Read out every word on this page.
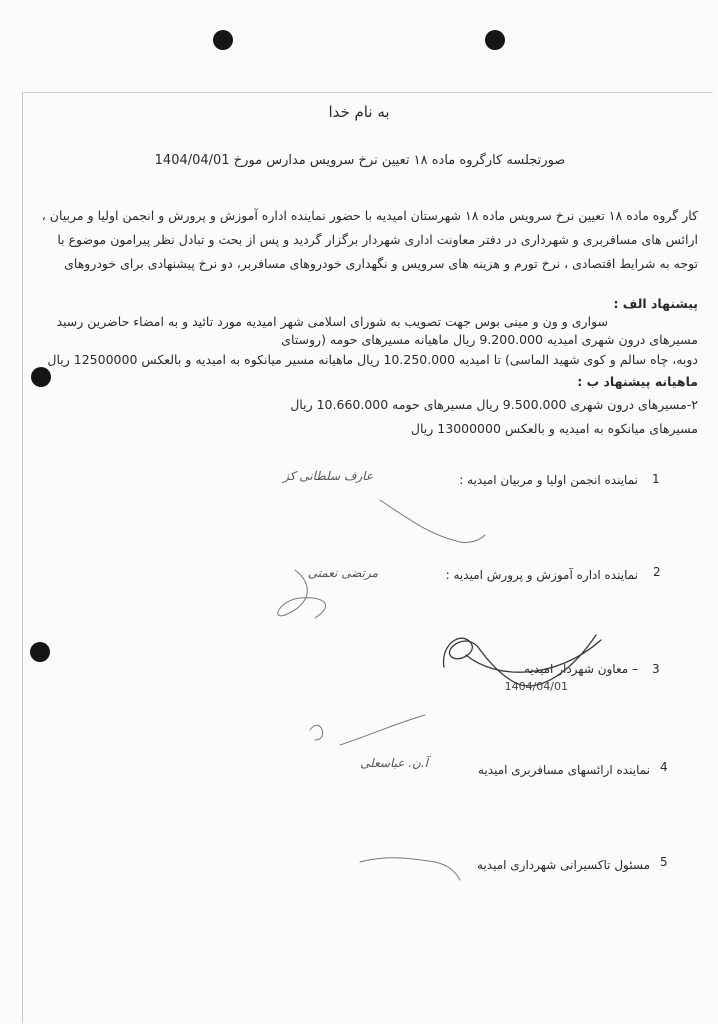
به نام خدا
صورتجلسه کارگروه ماده ۱۸ تعیین نرخ سرویس مدارس مورخ 1404/04/01
کار گروه ماده ۱۸ تعیین نرخ سرویس ماده ۱۸ شهرستان امیدیه با حضور نماینده اداره آموزش و پرورش و انجمن اولیا و مربیان ،
ارائس های مسافربری و شهرداری در دفتر معاونت اداری شهردار برگزار گردید و پس از بحث و تبادل نظر پیرامون موضوع با
توجه به شرایط اقتصادی ، نرخ تورم و هزینه های سرویس و نگهداری خودروهای مسافربر، دو نرخ پیشنهادی برای خودروهای
پیشنهاد الف :
سواری و ون و مینی بوس جهت تصویب به شورای اسلامی شهر امیدیه مورد تائید و به امضاء حاضرین رسید
مسیرهای درون شهری امیدیه 9.200.000 ریال ماهیانه مسیرهای حومه (روستای
دوبه، چاه سالم و کوی شهید الماسی) تا امیدیه 10.250.000 ریال ماهیانه مسیر میانکوه به امیدیه و بالعکس 12500000 ریال
ماهیانه پیشنهاد ب :
۲-مسیرهای درون شهری 9.500.000 ریال مسیرهای حومه 10.660.000 ریال
مسیرهای میانکوه به امیدیه و بالعکس 13000000 ریال
1
نماینده انجمن اولیا و مربیان امیدیه :
عارف سلطانی کز
2
نماینده اداره آموزش و پرورش امیدیه :
مرتضی نعمتی
3
– معاون شهردار امیدیه
1404/04/01
4
نماینده ارائسهای مسافربری امیدیه
آ.ن. عباسعلی
5
مسئول تاکسیرانی شهرداری امیدیه
